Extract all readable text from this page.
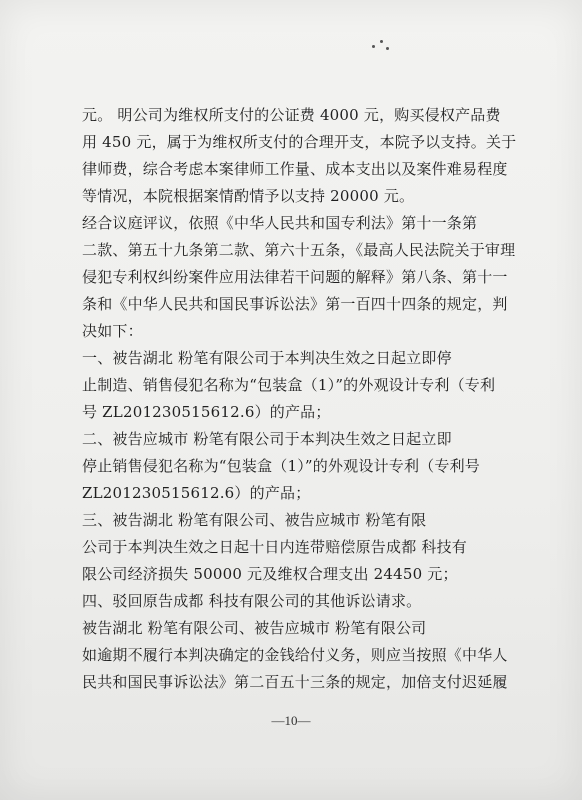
元。 明公司为维权所支付的公证费 4000 元，购买侵权产品费
用 450 元，属于为维权所支付的合理开支，本院予以支持。关于
律师费，综合考虑本案律师工作量、成本支出以及案件难易程度
等情况，本院根据案情酌情予以支持 20000 元。
经合议庭评议，依照《中华人民共和国专利法》第十一条第
二款、第五十九条第二款、第六十五条，《最高人民法院关于审理
侵犯专利权纠纷案件应用法律若干问题的解释》第八条、第十一
条和《中华人民共和国民事诉讼法》第一百四十四条的规定，判
决如下：
一、被告湖北 粉笔有限公司于本判决生效之日起立即停
止制造、销售侵犯名称为“包装盒（1）”的外观设计专利（专利
号 ZL201230515612.6）的产品；
二、被告应城市 粉笔有限公司于本判决生效之日起立即
停止销售侵犯名称为“包装盒（1）”的外观设计专利（专利号
ZL201230515612.6）的产品；
三、被告湖北 粉笔有限公司、被告应城市 粉笔有限
公司于本判决生效之日起十日内连带赔偿原告成都 科技有
限公司经济损失 50000 元及维权合理支出 24450 元；
四、驳回原告成都 科技有限公司的其他诉讼请求。
被告湖北 粉笔有限公司、被告应城市 粉笔有限公司
如逾期不履行本判决确定的金钱给付义务，则应当按照《中华人
民共和国民事诉讼法》第二百五十三条的规定，加倍支付迟延履
—10—
